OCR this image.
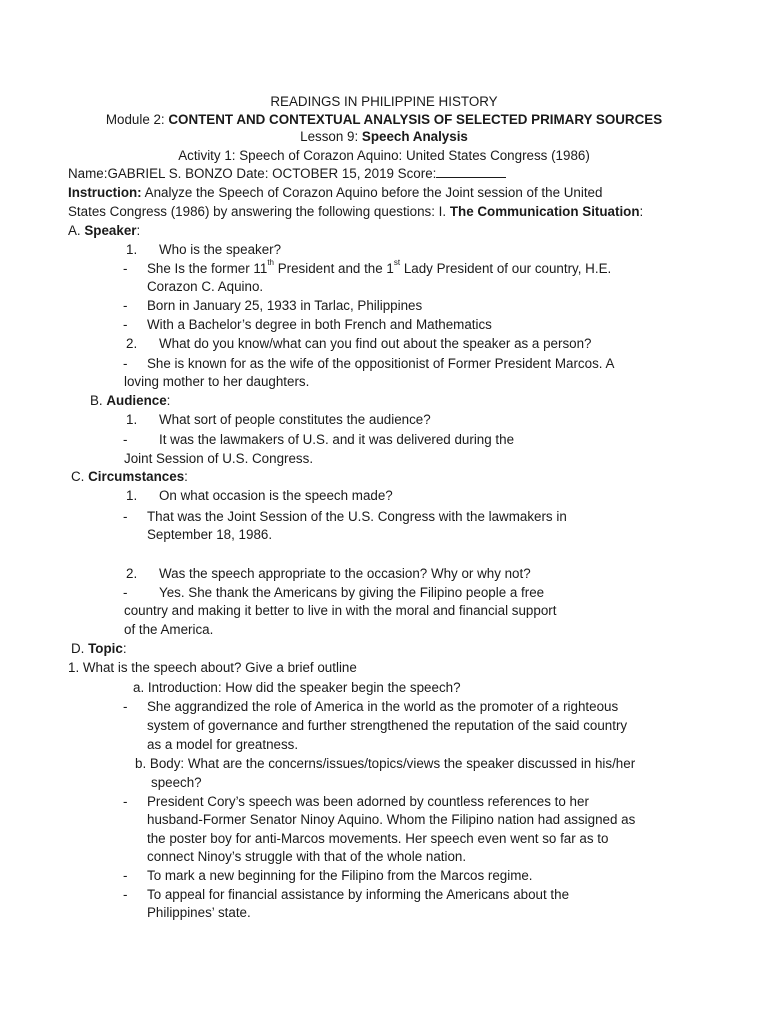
READINGS IN PHILIPPINE HISTORY
Module 2: CONTENT AND CONTEXTUAL ANALYSIS OF SELECTED PRIMARY SOURCES
Lesson 9: Speech Analysis
Activity 1: Speech of Corazon Aquino: United States Congress (1986)
Name:GABRIEL S. BONZO Date: OCTOBER 15, 2019 Score:
Instruction: Analyze the Speech of Corazon Aquino before the Joint session of the United
States Congress (1986) by answering the following questions: I. The Communication Situation:
A. Speaker:
1. Who is the speaker?
- She Is the former 11th President and the 1st Lady President of our country, H.E.
Corazon C. Aquino.
- Born in January 25, 1933 in Tarlac, Philippines
- With a Bachelor’s degree in both French and Mathematics
2. What do you know/what can you find out about the speaker as a person?
- She is known for as the wife of the oppositionist of Former President Marcos. A
loving mother to her daughters.
B. Audience:
1. What sort of people constitutes the audience?
- It was the lawmakers of U.S. and it was delivered during the
Joint Session of U.S. Congress.
C. Circumstances:
1. On what occasion is the speech made?
- That was the Joint Session of the U.S. Congress with the lawmakers in
September 18, 1986.
2. Was the speech appropriate to the occasion? Why or why not?
- Yes. She thank the Americans by giving the Filipino people a free
country and making it better to live in with the moral and financial support
of the America.
D. Topic:
1. What is the speech about? Give a brief outline
a. Introduction: How did the speaker begin the speech?
- She aggrandized the role of America in the world as the promoter of a righteous
system of governance and further strengthened the reputation of the said country
as a model for greatness.
b. Body: What are the concerns/issues/topics/views the speaker discussed in his/her
speech?
- President Cory’s speech was been adorned by countless references to her
husband-Former Senator Ninoy Aquino. Whom the Filipino nation had assigned as
the poster boy for anti-Marcos movements. Her speech even went so far as to
connect Ninoy’s struggle with that of the whole nation.
- To mark a new beginning for the Filipino from the Marcos regime.
- To appeal for financial assistance by informing the Americans about the
Philippines’ state.
